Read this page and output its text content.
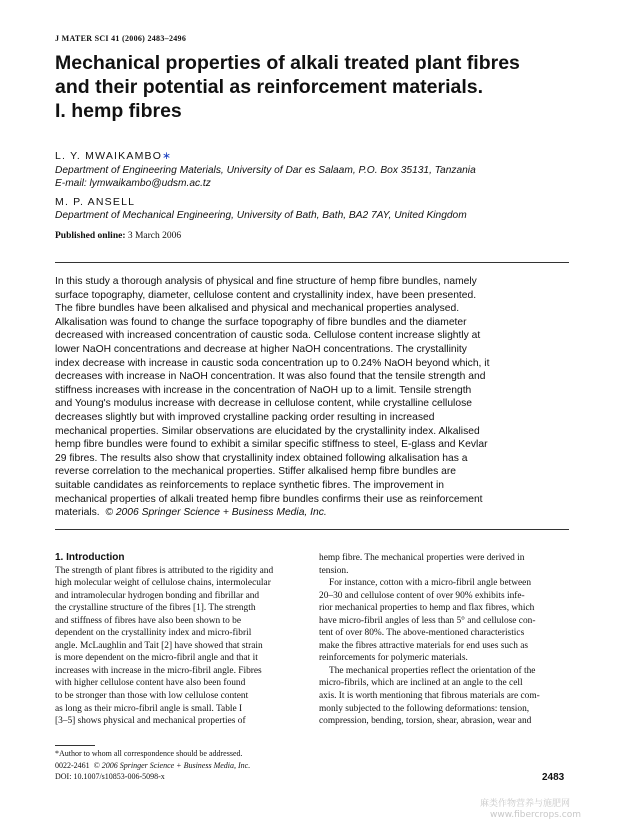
J MATER SCI 41 (2006) 2483–2496
Mechanical properties of alkali treated plant fibres
and their potential as reinforcement materials.
I. hemp fibres
L. Y. MWAIKAMBO∗
Department of Engineering Materials, University of Dar es Salaam, P.O. Box 35131, Tanzania
E-mail: lymwaikambo@udsm.ac.tz
M. P. ANSELL
Department of Mechanical Engineering, University of Bath, Bath, BA2 7AY, United Kingdom
Published online: 3 March 2006
In this study a thorough analysis of physical and fine structure of hemp fibre bundles, namely
surface topography, diameter, cellulose content and crystallinity index, have been presented.
The fibre bundles have been alkalised and physical and mechanical properties analysed.
Alkalisation was found to change the surface topography of fibre bundles and the diameter
decreased with increased concentration of caustic soda. Cellulose content increase slightly at
lower NaOH concentrations and decrease at higher NaOH concentrations. The crystallinity
index decrease with increase in caustic soda concentration up to 0.24% NaOH beyond which, it
decreases with increase in NaOH concentration. It was also found that the tensile strength and
stiffness increases with increase in the concentration of NaOH up to a limit. Tensile strength
and Young's modulus increase with decrease in cellulose content, while crystalline cellulose
decreases slightly but with improved crystalline packing order resulting in increased
mechanical properties. Similar observations are elucidated by the crystallinity index. Alkalised
hemp fibre bundles were found to exhibit a similar specific stiffness to steel, E-glass and Kevlar
29 fibres. The results also show that crystallinity index obtained following alkalisation has a
reverse correlation to the mechanical properties. Stiffer alkalised hemp fibre bundles are
suitable candidates as reinforcements to replace synthetic fibres. The improvement in
mechanical properties of alkali treated hemp fibre bundles confirms their use as reinforcement
materials. © 2006 Springer Science + Business Media, Inc.
1. Introduction
The strength of plant fibres is attributed to the rigidity and
high molecular weight of cellulose chains, intermolecular
and intramolecular hydrogen bonding and fibrillar and
the crystalline structure of the fibres [1]. The strength
and stiffness of fibres have also been shown to be
dependent on the crystallinity index and micro-fibril
angle. McLaughlin and Tait [2] have showed that strain
is more dependent on the micro-fibril angle and that it
increases with increase in the micro-fibril angle. Fibres
with higher cellulose content have also been found
to be stronger than those with low cellulose content
as long as their micro-fibril angle is small. Table I
[3–5] shows physical and mechanical properties of
hemp fibre. The mechanical properties were derived in
tension.
For instance, cotton with a micro-fibril angle between
20–30 and cellulose content of over 90% exhibits infe-
rior mechanical properties to hemp and flax fibres, which
have micro-fibril angles of less than 5° and cellulose con-
tent of over 80%. The above-mentioned characteristics
make the fibres attractive materials for end uses such as
reinforcements for polymeric materials.
The mechanical properties reflect the orientation of the
micro-fibrils, which are inclined at an angle to the cell
axis. It is worth mentioning that fibrous materials are com-
monly subjected to the following deformations: tension,
compression, bending, torsion, shear, abrasion, wear and
*Author to whom all correspondence should be addressed.
0022-2461 © 2006 Springer Science + Business Media, Inc.
DOI: 10.1007/s10853-006-5098-x	2483
麻类作物营养与施肥网
www.fibercrops.com
